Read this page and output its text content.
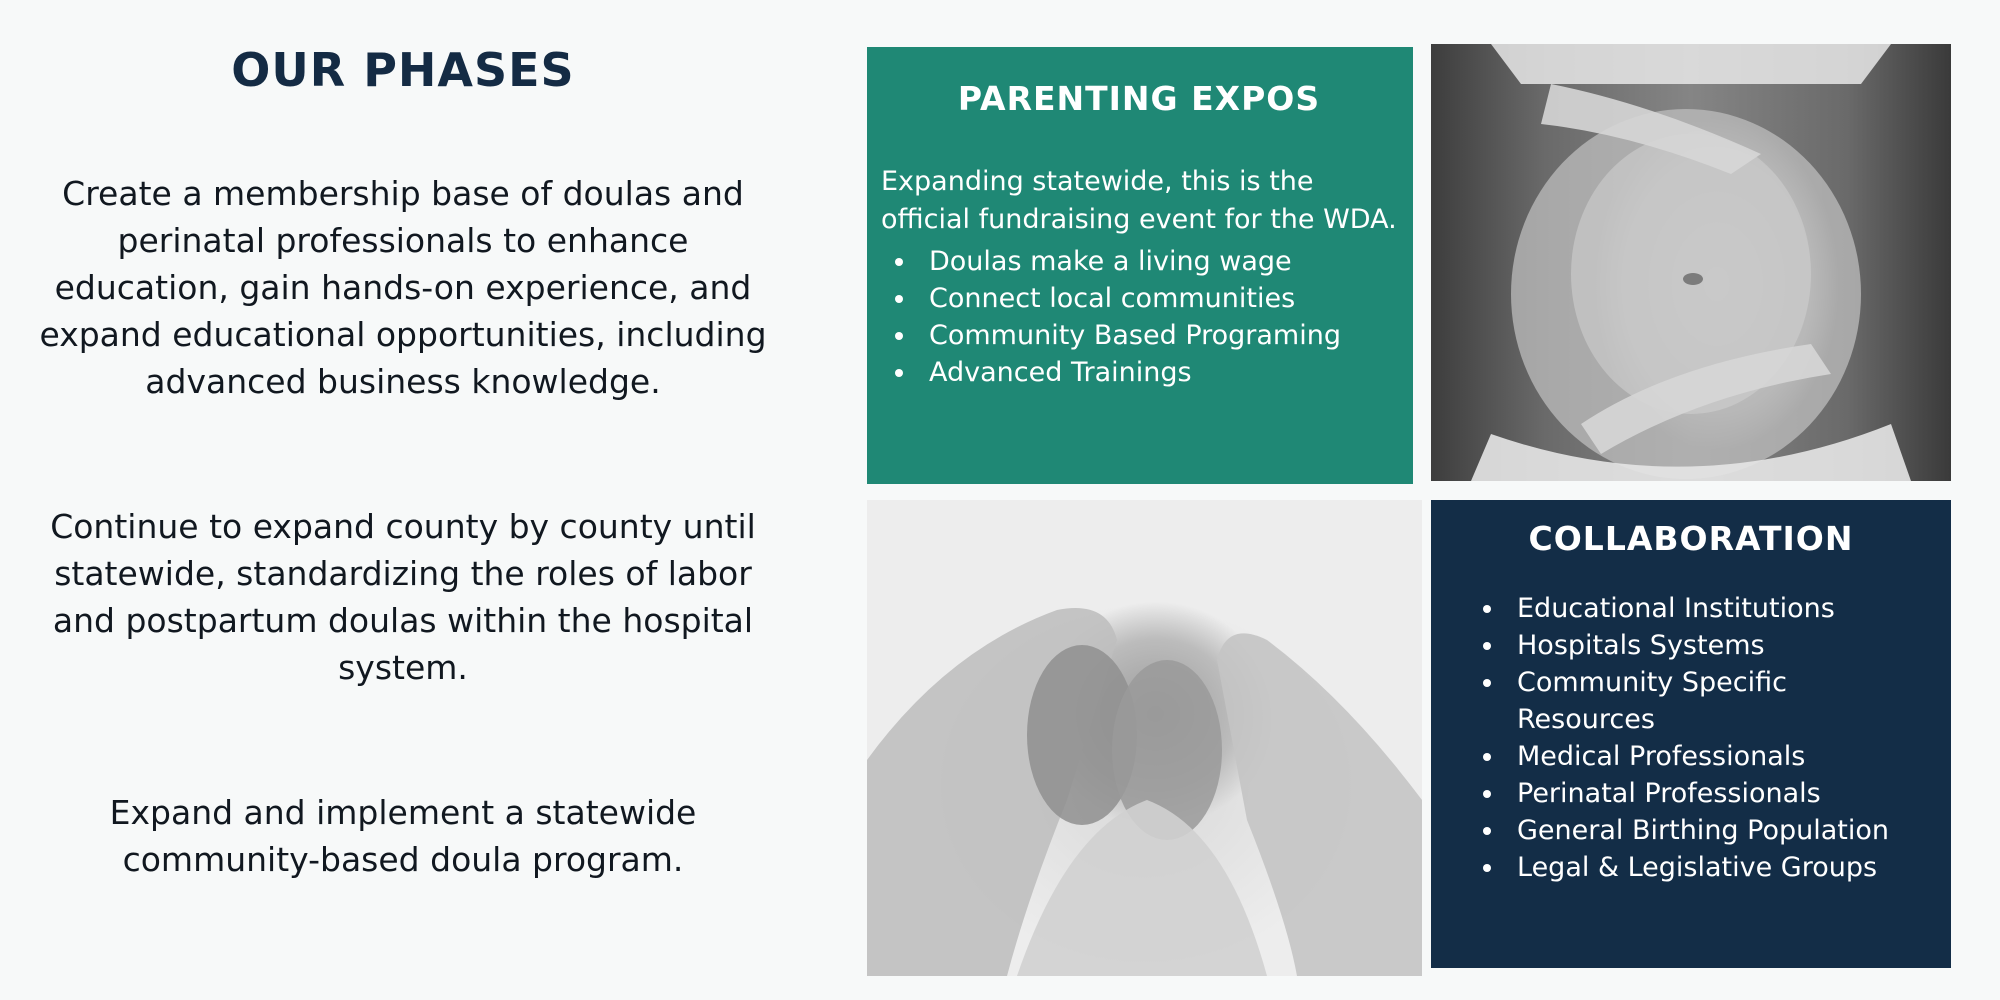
OUR PHASES

Create a membership base of doulas and perinatal professionals to enhance education, gain hands-on experience, and expand educational opportunities, including advanced business knowledge.

Continue to expand county by county until statewide, standardizing the roles of labor and postpartum doulas within the hospital system.

Expand and implement a statewide community-based doula program.

PARENTING EXPOS

Expanding statewide, this is the official fundraising event for the WDA.

Doulas make a living wage
Connect local communities
Community Based Programing
Advanced Trainings
COLLABORATION
Educational Institutions
Hospitals Systems
Community Specific Resources
Medical Professionals
Perinatal Professionals
General Birthing Population
Legal & Legislative Groups
